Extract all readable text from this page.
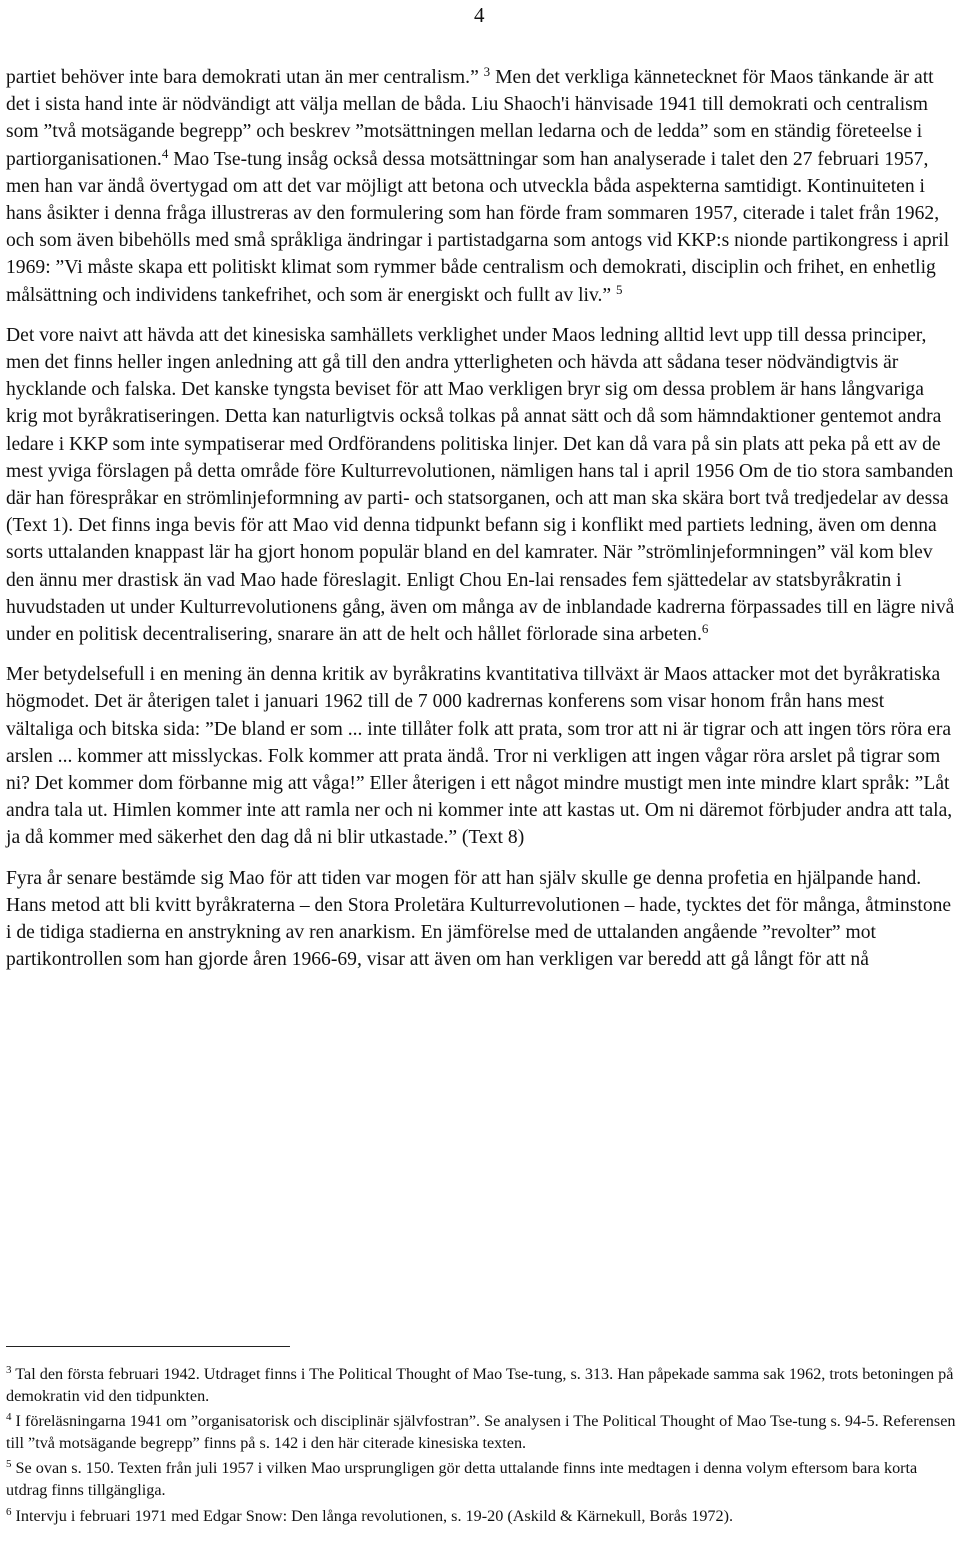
4

partiet behöver inte bara demokrati utan än mer centralism.” $^3$ Men det verkliga kännetecknet för Maos tänkande är att det i sista hand inte är nödvändigt att välja mellan de båda. Liu Shaoch'i hänvisade 1941 till demokrati och centralism som ”två motsägande begrepp” och beskrev ”motsättningen mellan ledarna och de ledda” som en ständig företeelse i partiorganisationen.$^4$ Mao Tse-tung insåg också dessa motsättningar som han analyserade i talet den 27 februari 1957, men han var ändå övertygad om att det var möjligt att betona och utveckla båda aspekterna samtidigt. Kontinuiteten i hans åsikter i denna fråga illustreras av den formulering som han förde fram sommaren 1957, citerade i talet från 1962, och som även bibehölls med små språkliga ändringar i partistadgarna som antogs vid KKP:s nionde partikongress i april 1969: ”Vi måste skapa ett politiskt klimat som rymmer både centralism och demokrati, disciplin och frihet, en enhetlig målsättning och individens tankefrihet, och som är energiskt och fullt av liv.” $^5$

Det vore naivt att hävda att det kinesiska samhällets verklighet under Maos ledning alltid levt upp till dessa principer, men det finns heller ingen anledning att gå till den andra ytterligheten och hävda att sådana teser nödvändigtvis är hycklande och falska. Det kanske tyngsta beviset för att Mao verkligen bryr sig om dessa problem är hans långvariga krig mot byråkratiseringen. Detta kan naturligtvis också tolkas på annat sätt och då som hämndaktioner gentemot andra ledare i KKP som inte sympatiserar med Ordförandens politiska linjer. Det kan då vara på sin plats att peka på ett av de mest yviga förslagen på detta område före Kulturrevolutionen, nämligen hans tal i april 1956 Om de tio stora sambanden där han förespråkar en strömlinjeformning av parti- och statsorganen, och att man ska skära bort två tredjedelar av dessa (Text 1). Det finns inga bevis för att Mao vid denna tidpunkt befann sig i konflikt med partiets ledning, även om denna sorts uttalanden knappast lär ha gjort honom populär bland en del kamrater. När ”strömlinjeformningen” väl kom blev den ännu mer drastisk än vad Mao hade föreslagit. Enligt Chou En-lai rensades fem sjättedelar av statsbyråkratin i huvudstaden ut under Kulturrevolutionens gång, även om många av de inblandade kadrerna förpassades till en lägre nivå under en politisk decentralisering, snarare än att de helt och hållet förlorade sina arbeten.$^6$

Mer betydelsefull i en mening än denna kritik av byråkratins kvantitativa tillväxt är Maos attacker mot det byråkratiska högmodet. Det är återigen talet i januari 1962 till de 7 000 kadrernas konferens som visar honom från hans mest vältaliga och bitska sida: ”De bland er som ... inte tillåter folk att prata, som tror att ni är tigrar och att ingen törs röra era arslen ... kommer att misslyckas. Folk kommer att prata ändå. Tror ni verkligen att ingen vågar röra arslet på tigrar som ni? Det kommer dom förbanne mig att våga!” Eller återigen i ett något mindre mustigt men inte mindre klart språk: ”Låt andra tala ut. Himlen kommer inte att ramla ner och ni kommer inte att kastas ut. Om ni däremot förbjuder andra att tala, ja då kommer med säkerhet den dag då ni blir utkastade.” (Text 8)

Fyra år senare bestämde sig Mao för att tiden var mogen för att han själv skulle ge denna profetia en hjälpande hand. Hans metod att bli kvitt byråkraterna – den Stora Proletära Kulturrevolutionen – hade, tycktes det för många, åtminstone i de tidiga stadierna en anstrykning av ren anarkism. En jämförelse med de uttalanden angående ”revolter” mot partikontrollen som han gjorde åren 1966-69, visar att även om han verkligen var beredd att gå långt för att nå

$^3$ Tal den första februari 1942. Utdraget finns i The Political Thought of Mao Tse-tung, s. 313. Han påpekade samma sak 1962, trots betoningen på demokratin vid den tidpunkten.

$^4$ I föreläsningarna 1941 om ”organisatorisk och disciplinär självfostran”. Se analysen i The Political Thought of Mao Tse-tung s. 94-5. Referensen till ”två motsägande begrepp” finns på s. 142 i den här citerade kinesiska texten.

$^5$ Se ovan s. 150. Texten från juli 1957 i vilken Mao ursprungligen gör detta uttalande finns inte medtagen i denna volym eftersom bara korta utdrag finns tillgängliga.

$^6$ Intervju i februari 1971 med Edgar Snow: Den långa revolutionen, s. 19-20 (Askild & Kärnekull, Borås 1972).
